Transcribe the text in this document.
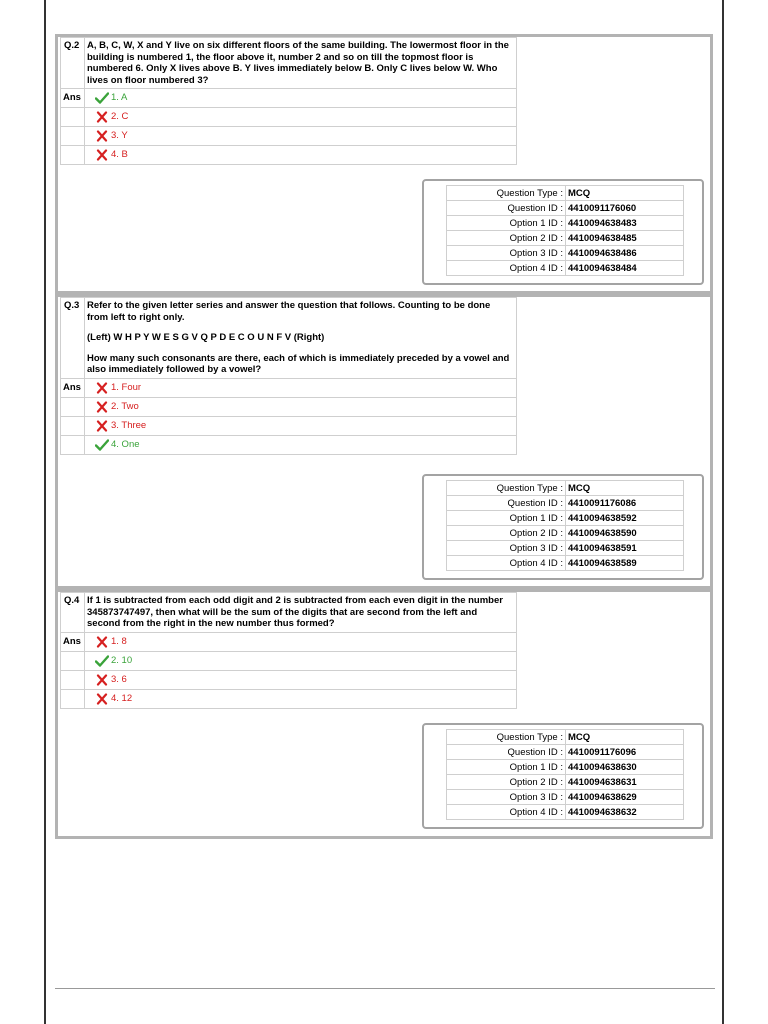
Q.2	A, B, C, W, X and Y live on six different floors of the same building. The lowermost floor in the building is numbered 1, the floor above it, number 2 and so on till the topmost floor is numbered 6. Only X lives above B. Y lives immediately below B. Only C lives below W. Who lives on floor numbered 3?

Ans	1. A

	2. C

	3. Y

	4. B
Question Type :	MCQ
Question ID :	4410091176060
Option 1 ID :	4410094638483
Option 2 ID :	4410094638485
Option 3 ID :	4410094638486
Option 4 ID :	4410094638484
Q.3	Refer to the given letter series and answer the question that follows. Counting to be done from left to right only.

(Left) W H P Y W E S G V Q P D E C O U N F V (Right)

How many such consonants are there, each of which is immediately preceded by a vowel and also immediately followed by a vowel?

Ans	1. Four

	2. Two

	3. Three

	4. One
Question Type :	MCQ
Question ID :	4410091176086
Option 1 ID :	4410094638592
Option 2 ID :	4410094638590
Option 3 ID :	4410094638591
Option 4 ID :	4410094638589
Q.4	If 1 is subtracted from each odd digit and 2 is subtracted from each even digit in the number 345873747497, then what will be the sum of the digits that are second from the left and second from the right in the new number thus formed?

Ans	1. 8

	2. 10

	3. 6

	4. 12
Question Type :	MCQ
Question ID :	4410091176096
Option 1 ID :	4410094638630
Option 2 ID :	4410094638631
Option 3 ID :	4410094638629
Option 4 ID :	4410094638632
